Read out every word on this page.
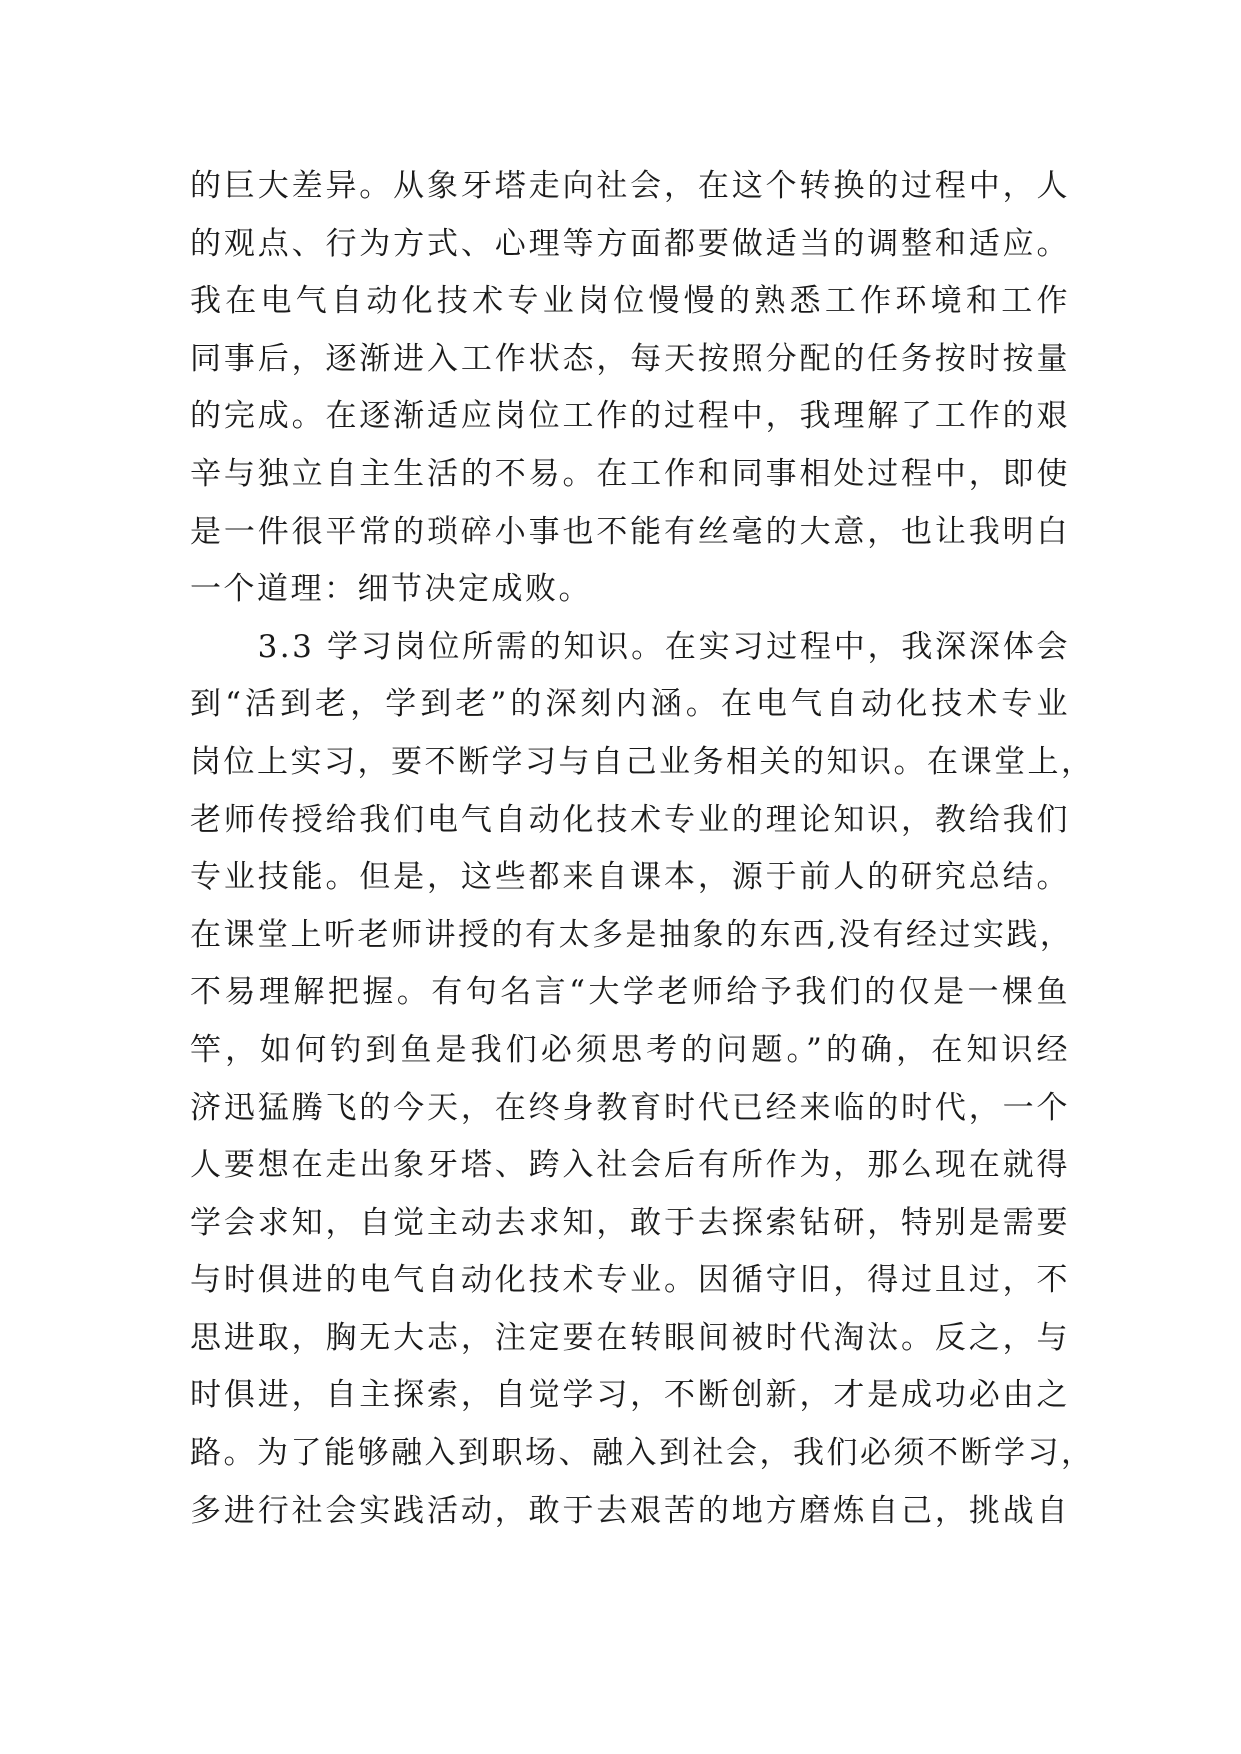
的巨大差异。从象牙塔走向社会，在这个转换的过程中，人
的观点、行为方式、心理等方面都要做适当的调整和适应。
我在电气自动化技术专业岗位慢慢的熟悉工作环境和工作
同事后，逐渐进入工作状态，每天按照分配的任务按时按量
的完成。在逐渐适应岗位工作的过程中，我理解了工作的艰
辛与独立自主生活的不易。在工作和同事相处过程中，即使
是一件很平常的琐碎小事也不能有丝毫的大意，也让我明白
一个道理：细节决定成败。
　　3.3 学习岗位所需的知识。在实习过程中，我深深体会
到“活到老，学到老”的深刻内涵。在电气自动化技术专业
岗位上实习，要不断学习与自己业务相关的知识。在课堂上，
老师传授给我们电气自动化技术专业的理论知识，教给我们
专业技能。但是，这些都来自课本，源于前人的研究总结。
在课堂上听老师讲授的有太多是抽象的东西,没有经过实践，
不易理解把握。有句名言“大学老师给予我们的仅是一棵鱼
竿，如何钓到鱼是我们必须思考的问题。”的确，在知识经
济迅猛腾飞的今天，在终身教育时代已经来临的时代，一个
人要想在走出象牙塔、跨入社会后有所作为，那么现在就得
学会求知，自觉主动去求知，敢于去探索钻研，特别是需要
与时俱进的电气自动化技术专业。因循守旧，得过且过，不
思进取，胸无大志，注定要在转眼间被时代淘汰。反之，与
时俱进，自主探索，自觉学习，不断创新，才是成功必由之
路。为了能够融入到职场、融入到社会，我们必须不断学习，
多进行社会实践活动，敢于去艰苦的地方磨炼自己，挑战自
